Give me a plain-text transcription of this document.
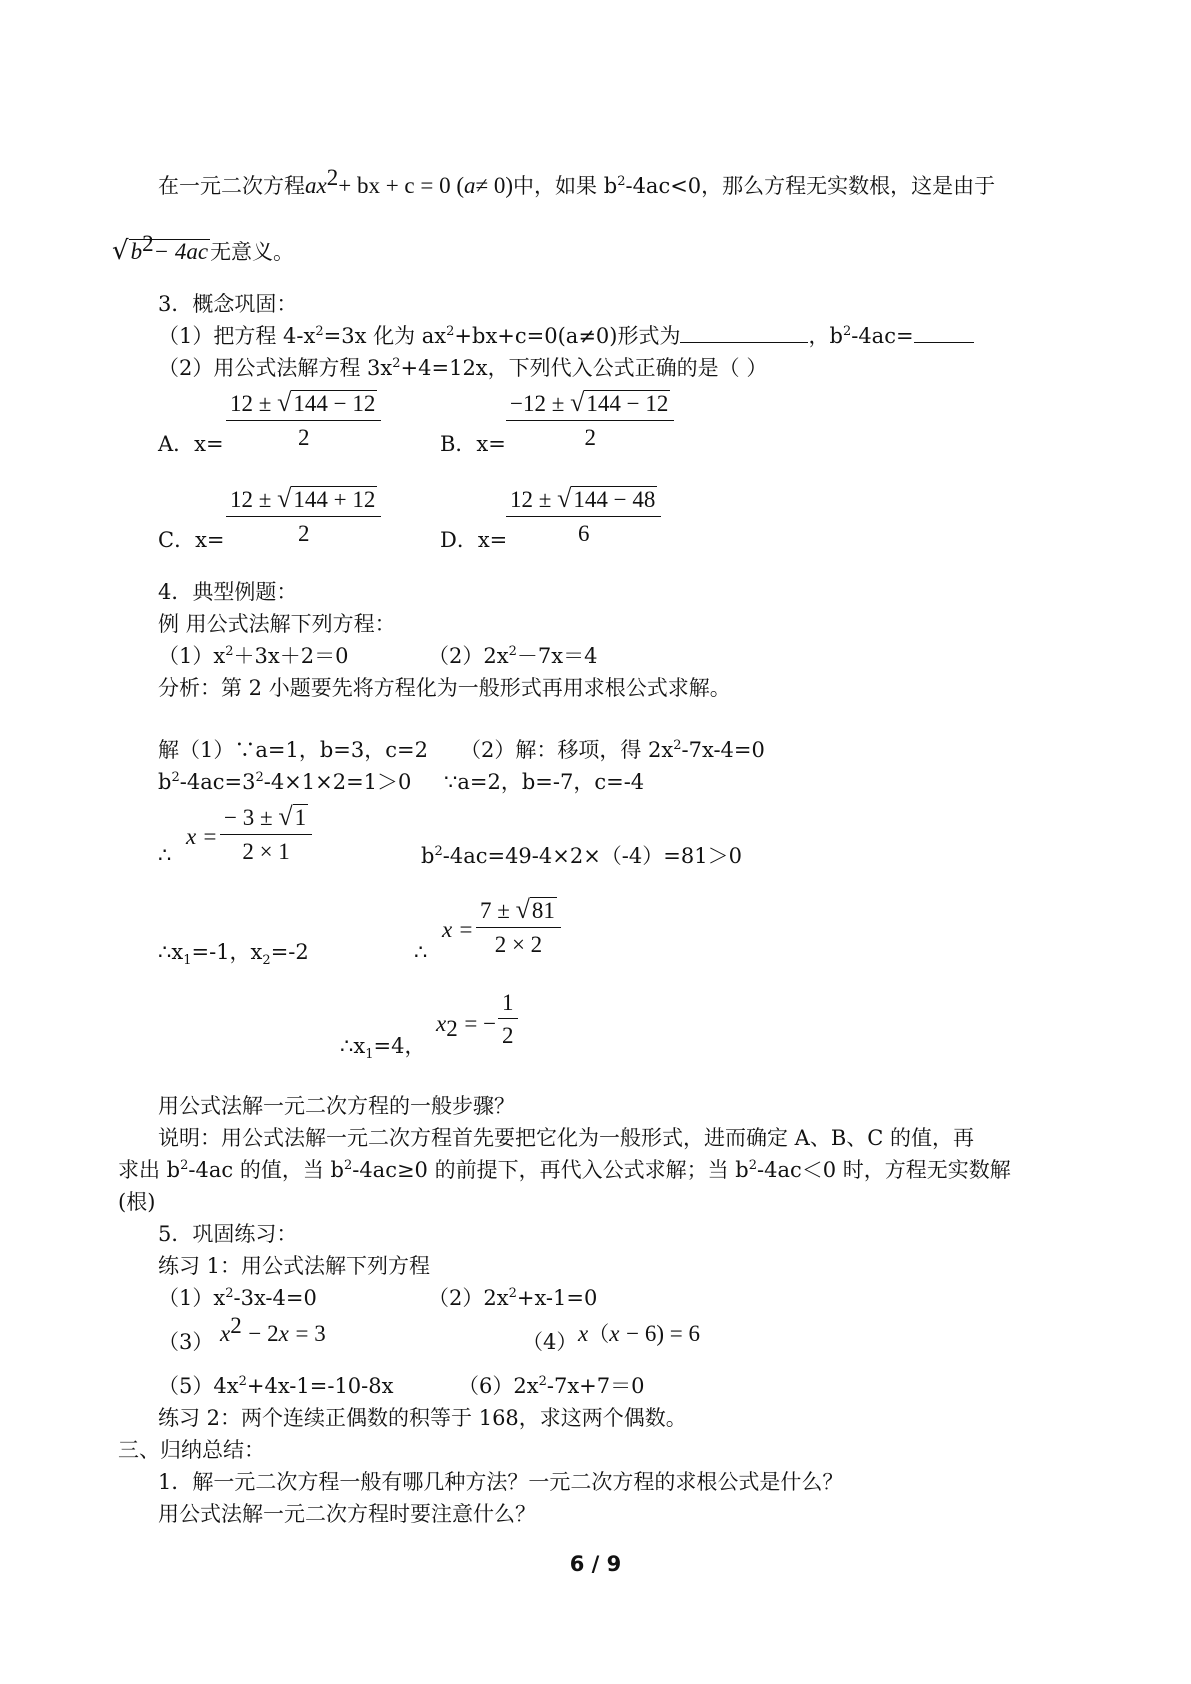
在一元二次方程$ax^2+$ bx + c = 0 (a≠ 0)中，如果 $b^2-4ac<0$，那么方程无实数根，这是由于
$√b^2- 4ac$无意义。
3．概念巩固：
（1）把方程 $4-x^2=3x$ 化为 $ax^2+bx+c=0(a\ne 0)$形式为	，$b^2-4ac=$
（2）用公式法解方程 $3x^2+4=12x$，下列代入公式正确的是（ ）
A．$x= \frac{12 \pm √144 - 12}{2}$	B．$x= \frac{-12 \pm √144 - 12}{2}$
C．$x= \frac{12 \pm √144 + 12}{2}$	D．x=
$\frac{12 \pm √144 - 48}{6}$
4．典型例题：
例 用公式法解下列方程：
$(1)x^2+3x+2=0$	$(2)2x^2-7x=4$
分析：第 2 小题要先将方程化为一般形式再用求根公式求解。
解（1）∵a=1，b=3，c=2 （2）解：移项，得 $2x^2-7x-4=0$
$b^2-4ac=3^2-4\times 1\times 2=1>0$ ∵a=2，b=-7，c=-4
∴
$x = \frac{- 3 \pm √1}{2 \times 1}$	$b^2-4ac=49-4\times 2\times(-4)=81>0$
$\therefore x_1=-1$，$x_2=-2$	∴
$x = \frac{7 \pm √81}{2 \times 2}$
$\therefore x_1=4$，
$x_2$ = − $\frac{1}{2}$
用公式法解一元二次方程的一般步骤？
说明：用公式法解一元二次方程首先要把它化为一般形式，进而确定 A、B、C 的值，再
求出 $b^2-4ac$ 的值，当 $b^2-4ac\ge 0$ 的前提下，再代入公式求解；当 $b^2-4ac<0$ 时，方程无实数解
(根)
5．巩固练习：
练习 1：用公式法解下列方程
$(1)x^2-3x-4=0$	$(2)2x^2+x-1=0$
（3） $x^2 - 2x = 3$	（4） x（x − 6) = 6
$(5)4x^2+4x-1=-10-8x$	$(6)2x^2-7x+7=0$
练习 2：两个连续正偶数的积等于 168，求这两个偶数。
三、归纳总结：
1．解一元二次方程一般有哪几种方法？一元二次方程的求根公式是什么？
用公式法解一元二次方程时要注意什么？
6 / 9
